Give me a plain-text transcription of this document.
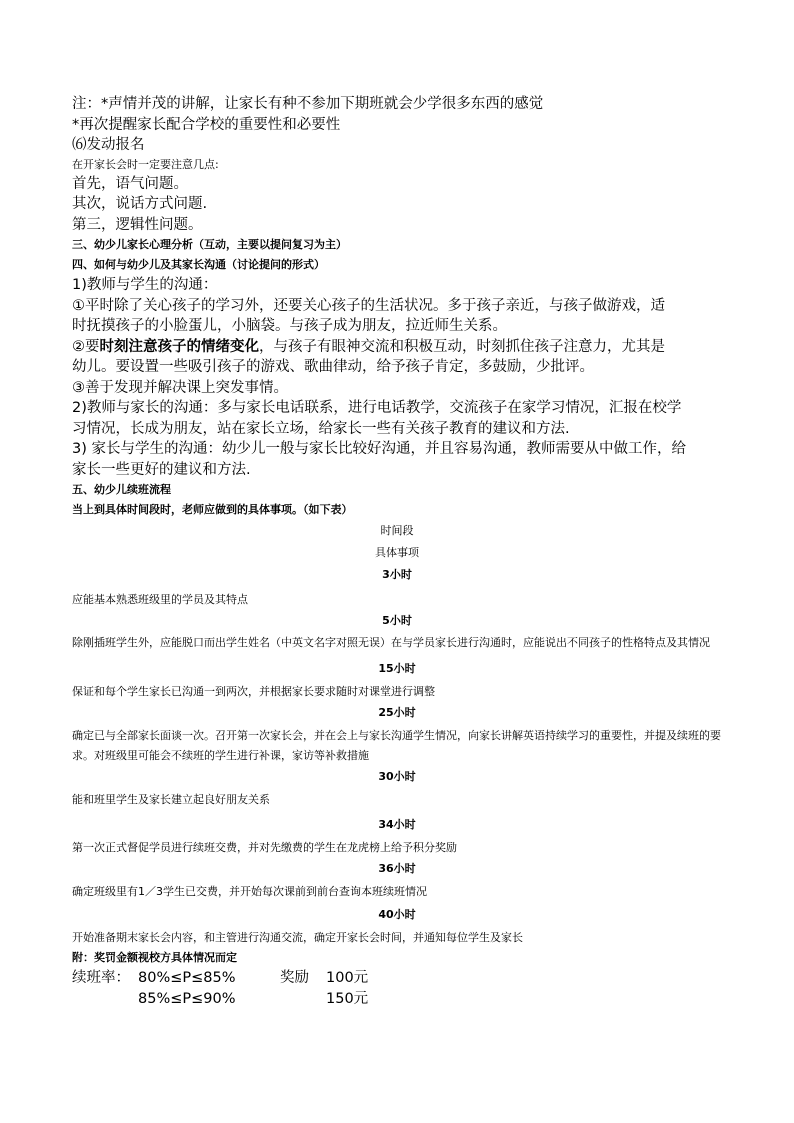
注：*声情并茂的讲解，让家长有种不参加下期班就会少学很多东西的感觉
*再次提醒家长配合学校的重要性和必要性
⑹发动报名
在开家长会时一定要注意几点:
首先，语气问题。
其次，说话方式问题.
第三，逻辑性问题。
三、幼少儿家长心理分析（互动，主要以提问复习为主）
四、如何与幼少儿及其家长沟通（讨论提问的形式）
1)教师与学生的沟通：
①平时除了关心孩子的学习外，还要关心孩子的生活状况。多于孩子亲近，与孩子做游戏，适
时抚摸孩子的小脸蛋儿，小脑袋。与孩子成为朋友，拉近师生关系。
②要时刻注意孩子的情绪变化，与孩子有眼神交流和积极互动，时刻抓住孩子注意力，尤其是
幼儿。要设置一些吸引孩子的游戏、歌曲律动，给予孩子肯定，多鼓励，少批评。
③善于发现并解决课上突发事情。
2)教师与家长的沟通：多与家长电话联系，进行电话教学，交流孩子在家学习情况，汇报在校学
习情况，长成为朋友，站在家长立场，给家长一些有关孩子教育的建议和方法.
3) 家长与学生的沟通：幼少儿一般与家长比较好沟通，并且容易沟通，教师需要从中做工作，给
家长一些更好的建议和方法.
五、幼少儿续班流程
当上到具体时间段时，老师应做到的具体事项。（如下表）
时间段
具体事项
3小时
应能基本熟悉班级里的学员及其特点
5小时
除刚插班学生外，应能脱口而出学生姓名（中英文名字对照无误）在与学员家长进行沟通时，应能说出不同孩子的性格特点及其情况
15小时
保证和每个学生家长已沟通一到两次，并根据家长要求随时对课堂进行调整
25小时
确定已与全部家长面谈一次。召开第一次家长会，并在会上与家长沟通学生情况，向家长讲解英语持续学习的重要性，并提及续班的要求。对班级里可能会不续班的学生进行补课，家访等补救措施
30小时
能和班里学生及家长建立起良好朋友关系
34小时
第一次正式督促学员进行续班交费，并对先缴费的学生在龙虎榜上给予积分奖励
36小时
确定班级里有1／3学生已交费，并开始每次课前到前台查询本班续班情况
40小时
开始准备期末家长会内容，和主管进行沟通交流，确定开家长会时间，并通知每位学生及家长
附：奖罚金额视校方具体情况而定
续班率： 80%≤P≤85%	奖励 100元
85%≤P≤90%	150元
